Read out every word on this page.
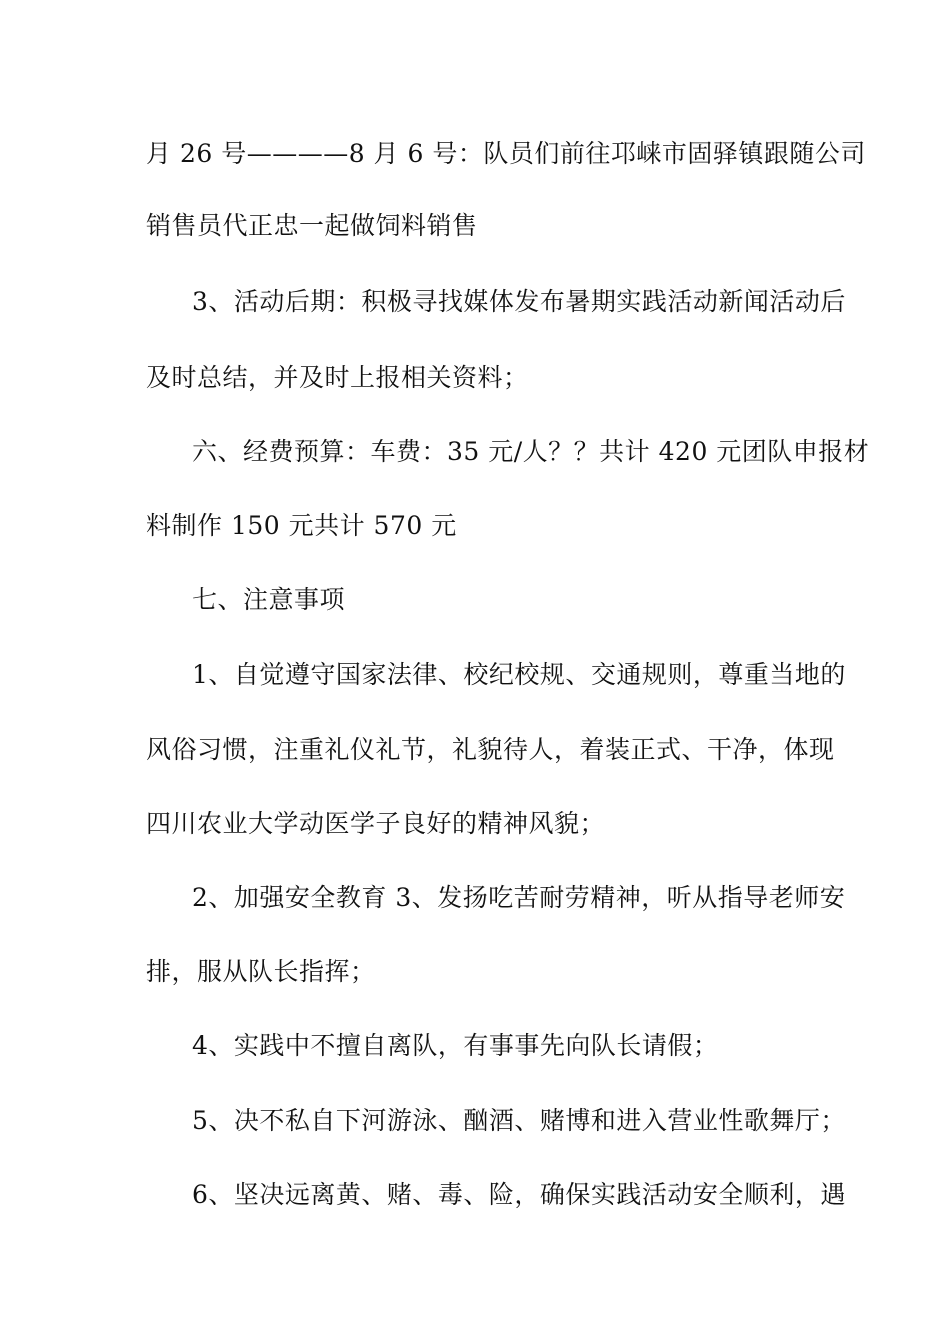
月 26 号————8 月 6 号：队员们前往邛崃市固驿镇跟随公司
销售员代正忠一起做饲料销售
3、活动后期：积极寻找媒体发布暑期实践活动新闻活动后
及时总结，并及时上报相关资料；
六、经费预算：车费：35 元/人？？共计 420 元团队申报材
料制作 150 元共计 570 元
七、注意事项
1、自觉遵守国家法律、校纪校规、交通规则，尊重当地的
风俗习惯，注重礼仪礼节，礼貌待人，着装正式、干净，体现
四川农业大学动医学子良好的精神风貌；
2、加强安全教育 3、发扬吃苦耐劳精神，听从指导老师安
排，服从队长指挥；
4、实践中不擅自离队，有事事先向队长请假；
5、决不私自下河游泳、酗酒、赌博和进入营业性歌舞厅；
6、坚决远离黄、赌、毒、险，确保实践活动安全顺利，遇
